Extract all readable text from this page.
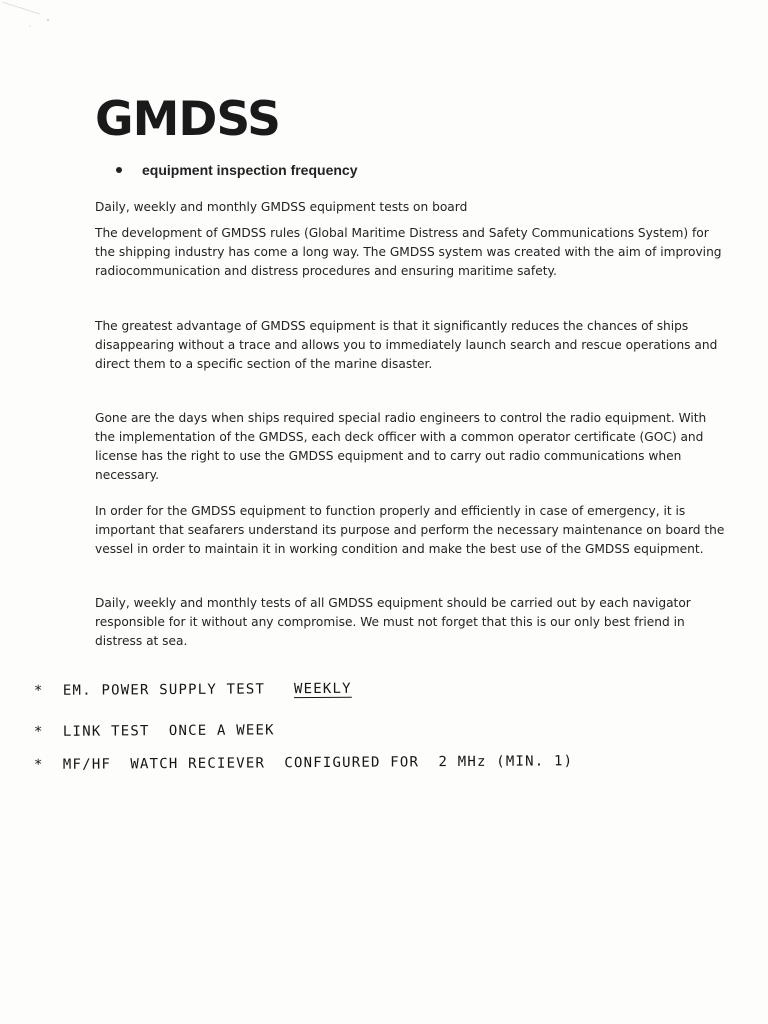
GMDSS
equipment inspection frequency

Daily, weekly and monthly GMDSS equipment tests on board

The development of GMDSS rules (Global Maritime Distress and Safety Communications System) for the shipping industry has come a long way. The GMDSS system was created with the aim of improving radiocommunication and distress procedures and ensuring maritime safety.

The greatest advantage of GMDSS equipment is that it significantly reduces the chances of ships disappearing without a trace and allows you to immediately launch search and rescue operations and direct them to a specific section of the marine disaster.

Gone are the days when ships required special radio engineers to control the radio equipment. With the implementation of the GMDSS, each deck officer with a common operator certificate (GOC) and license has the right to use the GMDSS equipment and to carry out radio communications when necessary.

In order for the GMDSS equipment to function properly and efficiently in case of emergency, it is important that seafarers understand its purpose and perform the necessary maintenance on board the vessel in order to maintain it in working condition and make the best use of the GMDSS equipment.

Daily, weekly and monthly tests of all GMDSS equipment should be carried out by each navigator responsible for it without any compromise. We must not forget that this is our only best friend in distress at sea.

* EM. POWER SUPPLY TEST WEEKLY
* LINK TEST  ONCE A WEEK
* MF/HF  WATCH RECIEVER  CONFIGURED FOR  2 MHz (MIN. 1)
